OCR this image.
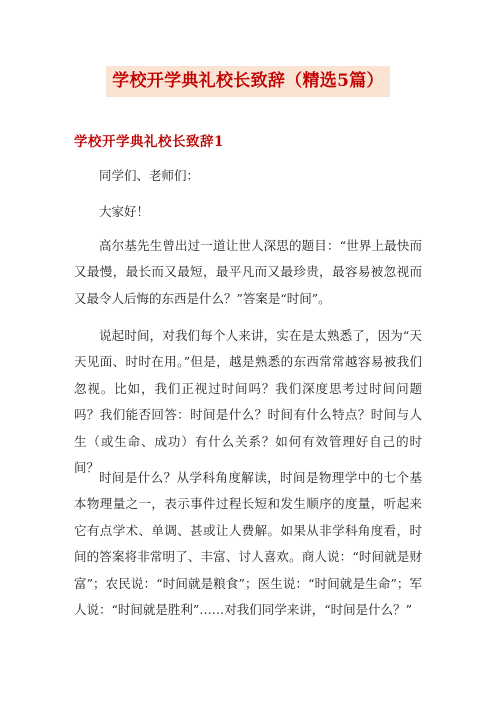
学校开学典礼校长致辞（精选5篇）
学校开学典礼校长致辞1

同学们、老师们：

大家好！

高尔基先生曾出过一道让世人深思的题目：“世界上最快而又最慢，最长而又最短，最平凡而又最珍贵，最容易被忽视而又最令人后悔的东西是什么？”答案是“时间”。

说起时间，对我们每个人来讲，实在是太熟悉了，因为“天天见面、时时在用。”但是，越是熟悉的东西常常越容易被我们忽视。比如，我们正视过时间吗？我们深度思考过时间问题吗？我们能否回答：时间是什么？时间有什么特点？时间与人生（或生命、成功）有什么关系？如何有效管理好自己的时间？

时间是什么？从学科角度解读，时间是物理学中的七个基本物理量之一，表示事件过程长短和发生顺序的度量，听起来它有点学术、单调、甚或让人费解。如果从非学科角度看，时间的答案将非常明了、丰富、讨人喜欢。商人说：“时间就是财富”；农民说：“时间就是粮食”；医生说：“时间就是生命”；军人说：“时间就是胜利”……对我们同学来讲，“时间是什么？”
